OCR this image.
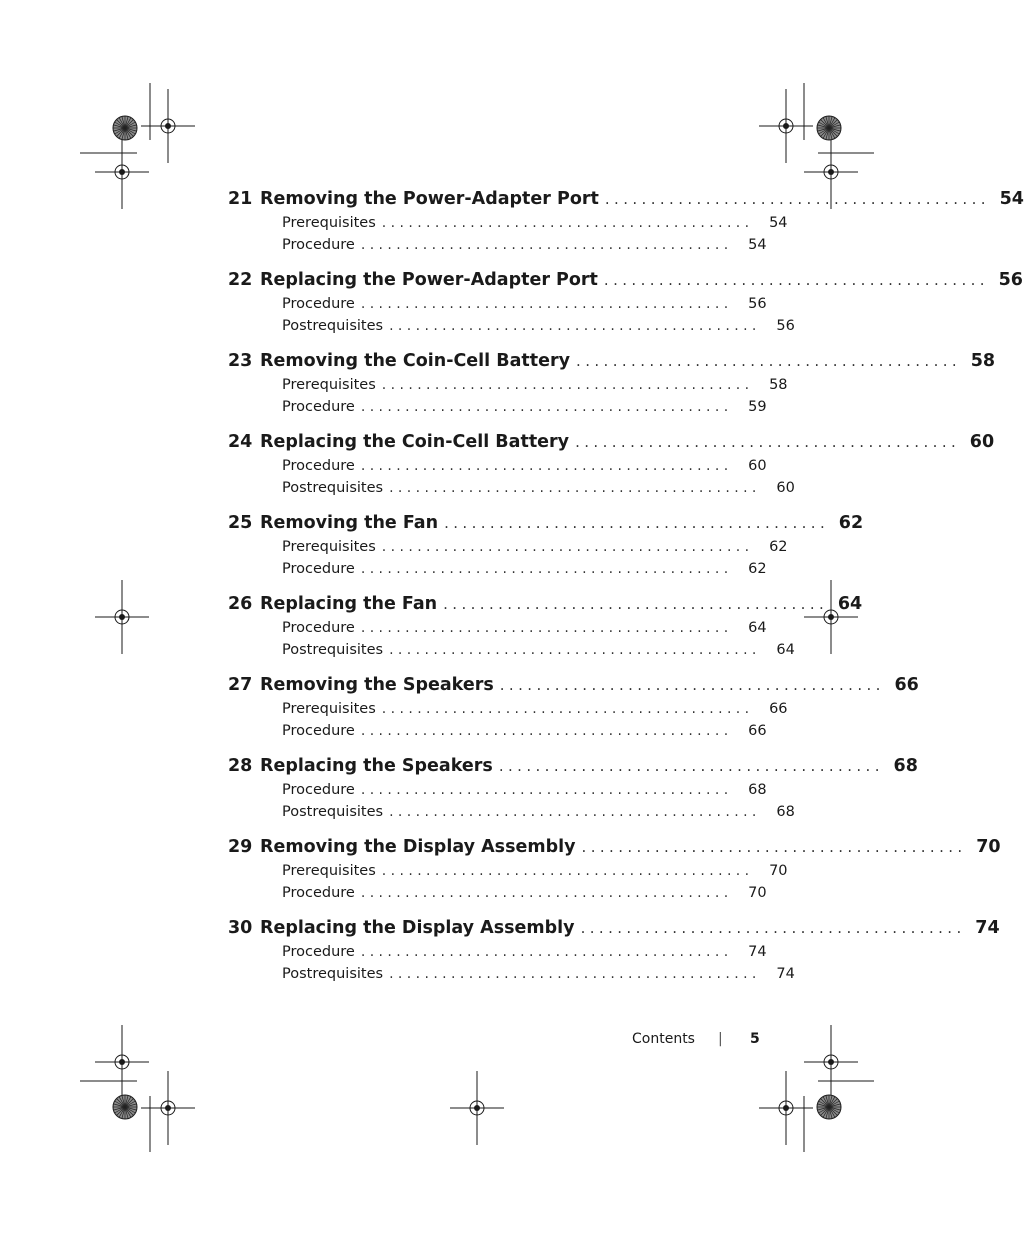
21 Removing the Power-Adapter Port .......................................... 54
Prerequisites ..........................................	54
Procedure ..........................................	54
22 Replacing the Power-Adapter Port .......................................... 56
Procedure ..........................................	56
Postrequisites ..........................................	56
23 Removing the Coin-Cell Battery .......................................... 58
Prerequisites ..........................................	58
Procedure ..........................................	59
24 Replacing the Coin-Cell Battery .......................................... 60
Procedure ..........................................	60
Postrequisites ..........................................	60
25 Removing the Fan .......................................... 62
Prerequisites ..........................................	62
Procedure ..........................................	62
26 Replacing the Fan .......................................... 64
Procedure ..........................................	64
Postrequisites ..........................................	64
27 Removing the Speakers .......................................... 66
Prerequisites ..........................................	66
Procedure ..........................................	66
28 Replacing the Speakers .......................................... 68
Procedure ..........................................	68
Postrequisites ..........................................	68
29 Removing the Display Assembly .......................................... 70
Prerequisites ..........................................	70
Procedure ..........................................	70
30 Replacing the Display Assembly .......................................... 74
Procedure ..........................................	74
Postrequisites ..........................................	74
Contents | 5
